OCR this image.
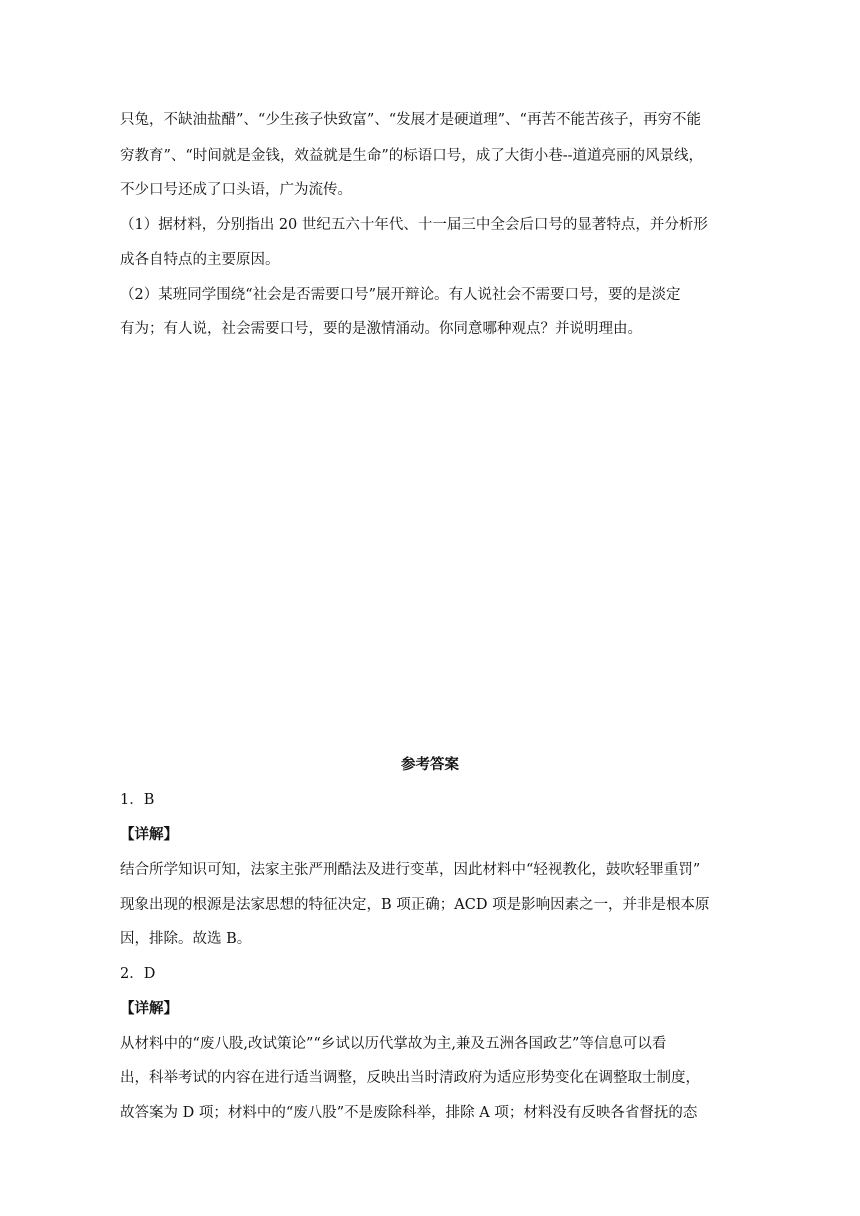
只兔，不缺油盐醋”、“少生孩子快致富”、“发展才是硬道理”、“再苦不能苦孩子，再穷不能

穷教育”、“时间就是金钱，效益就是生命”的标语口号，成了大街小巷--道道亮丽的风景线，

不少口号还成了口头语，广为流传。

（1）据材料，分别指出 20 世纪五六十年代、十一届三中全会后口号的显著特点，并分析形

成各自特点的主要原因。

（2）某班同学围绕“社会是否需要口号”展开辩论。有人说社会不需要口号，要的是淡定

有为；有人说，社会需要口号，要的是激情涌动。你同意哪种观点？并说明理由。

参考答案

1．B

【详解】

结合所学知识可知，法家主张严刑酷法及进行变革，因此材料中“轻视教化，鼓吹轻罪重罚”

现象出现的根源是法家思想的特征决定，B 项正确；ACD 项是影响因素之一，并非是根本原

因，排除。故选 B。

2．D

【详解】

从材料中的“废八股,改试策论”“乡试以历代掌故为主,兼及五洲各国政艺”等信息可以看

出，科举考试的内容在进行适当调整，反映出当时清政府为适应形势变化在调整取士制度，

故答案为 D 项；材料中的“废八股”不是废除科举，排除 A 项；材料没有反映各省督抚的态
